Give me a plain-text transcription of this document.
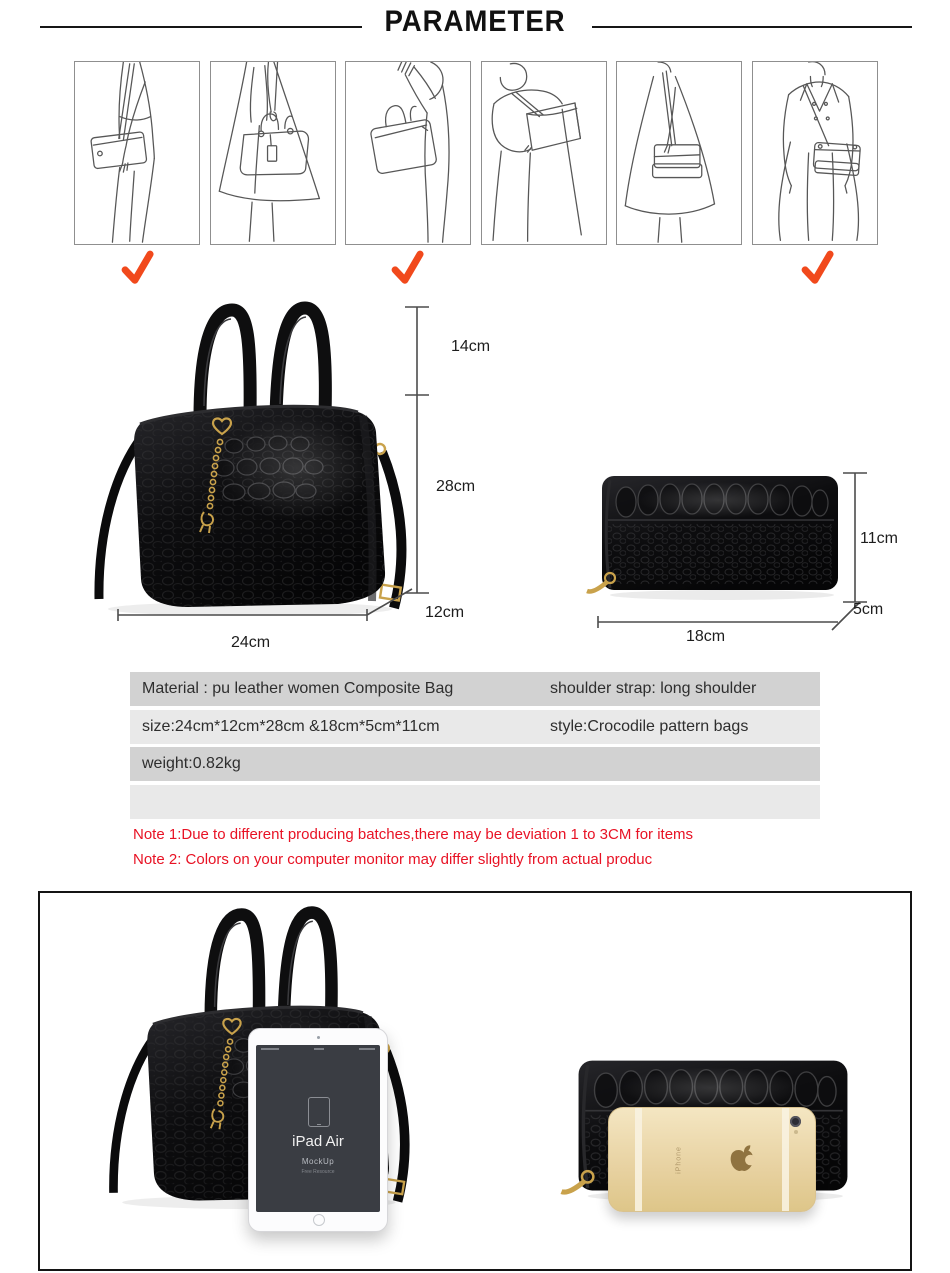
PARAMETER
14cm
28cm
12cm
24cm
11cm
5cm
18cm
Material : pu leather women Composite Bag	shoulder strap: long shoulder
size:24cm*12cm*28cm &18cm*5cm*11cm	style:Crocodile pattern bags
weight:0.82kg
Note 1:Due to different producing batches,there may be deviation 1 to 3CM for items
Note 2: Colors on your computer monitor may differ slightly from actual produc
iPad Air
MockUp
Free Resource	iPhone
